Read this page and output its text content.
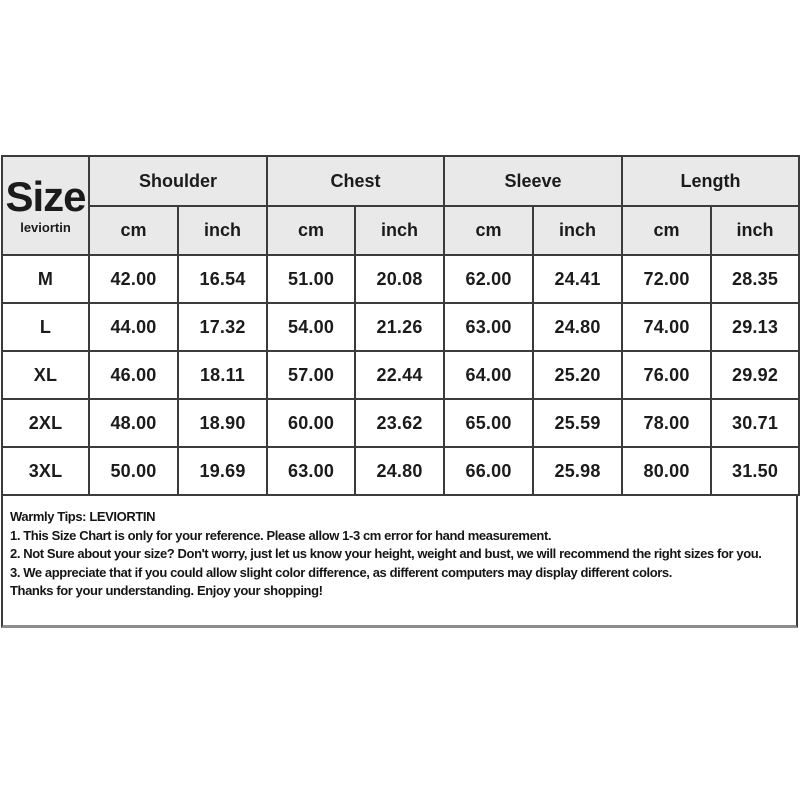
Size
leviortin	Shoulder		Chest		Sleeve		Length	
	cm	inch	cm	inch	cm	inch	cm	inch
M	42.00	16.54	51.00	20.08	62.00	24.41	72.00	28.35
L	44.00	17.32	54.00	21.26	63.00	24.80	74.00	29.13
XL	46.00	18.11	57.00	22.44	64.00	25.20	76.00	29.92
2XL	48.00	18.90	60.00	23.62	65.00	25.59	78.00	30.71
3XL	50.00	19.69	63.00	24.80	66.00	25.98	80.00	31.50

Warmly Tips: LEVIORTIN

1. This Size Chart is only for your reference. Please allow 1-3 cm error for hand measurement.

2. Not Sure about your size? Don't worry, just let us know your height, weight and bust, we will recommend the right sizes for you.

3. We appreciate that if you could allow slight color difference, as different computers may display different colors.

Thanks for your understanding. Enjoy your shopping!
